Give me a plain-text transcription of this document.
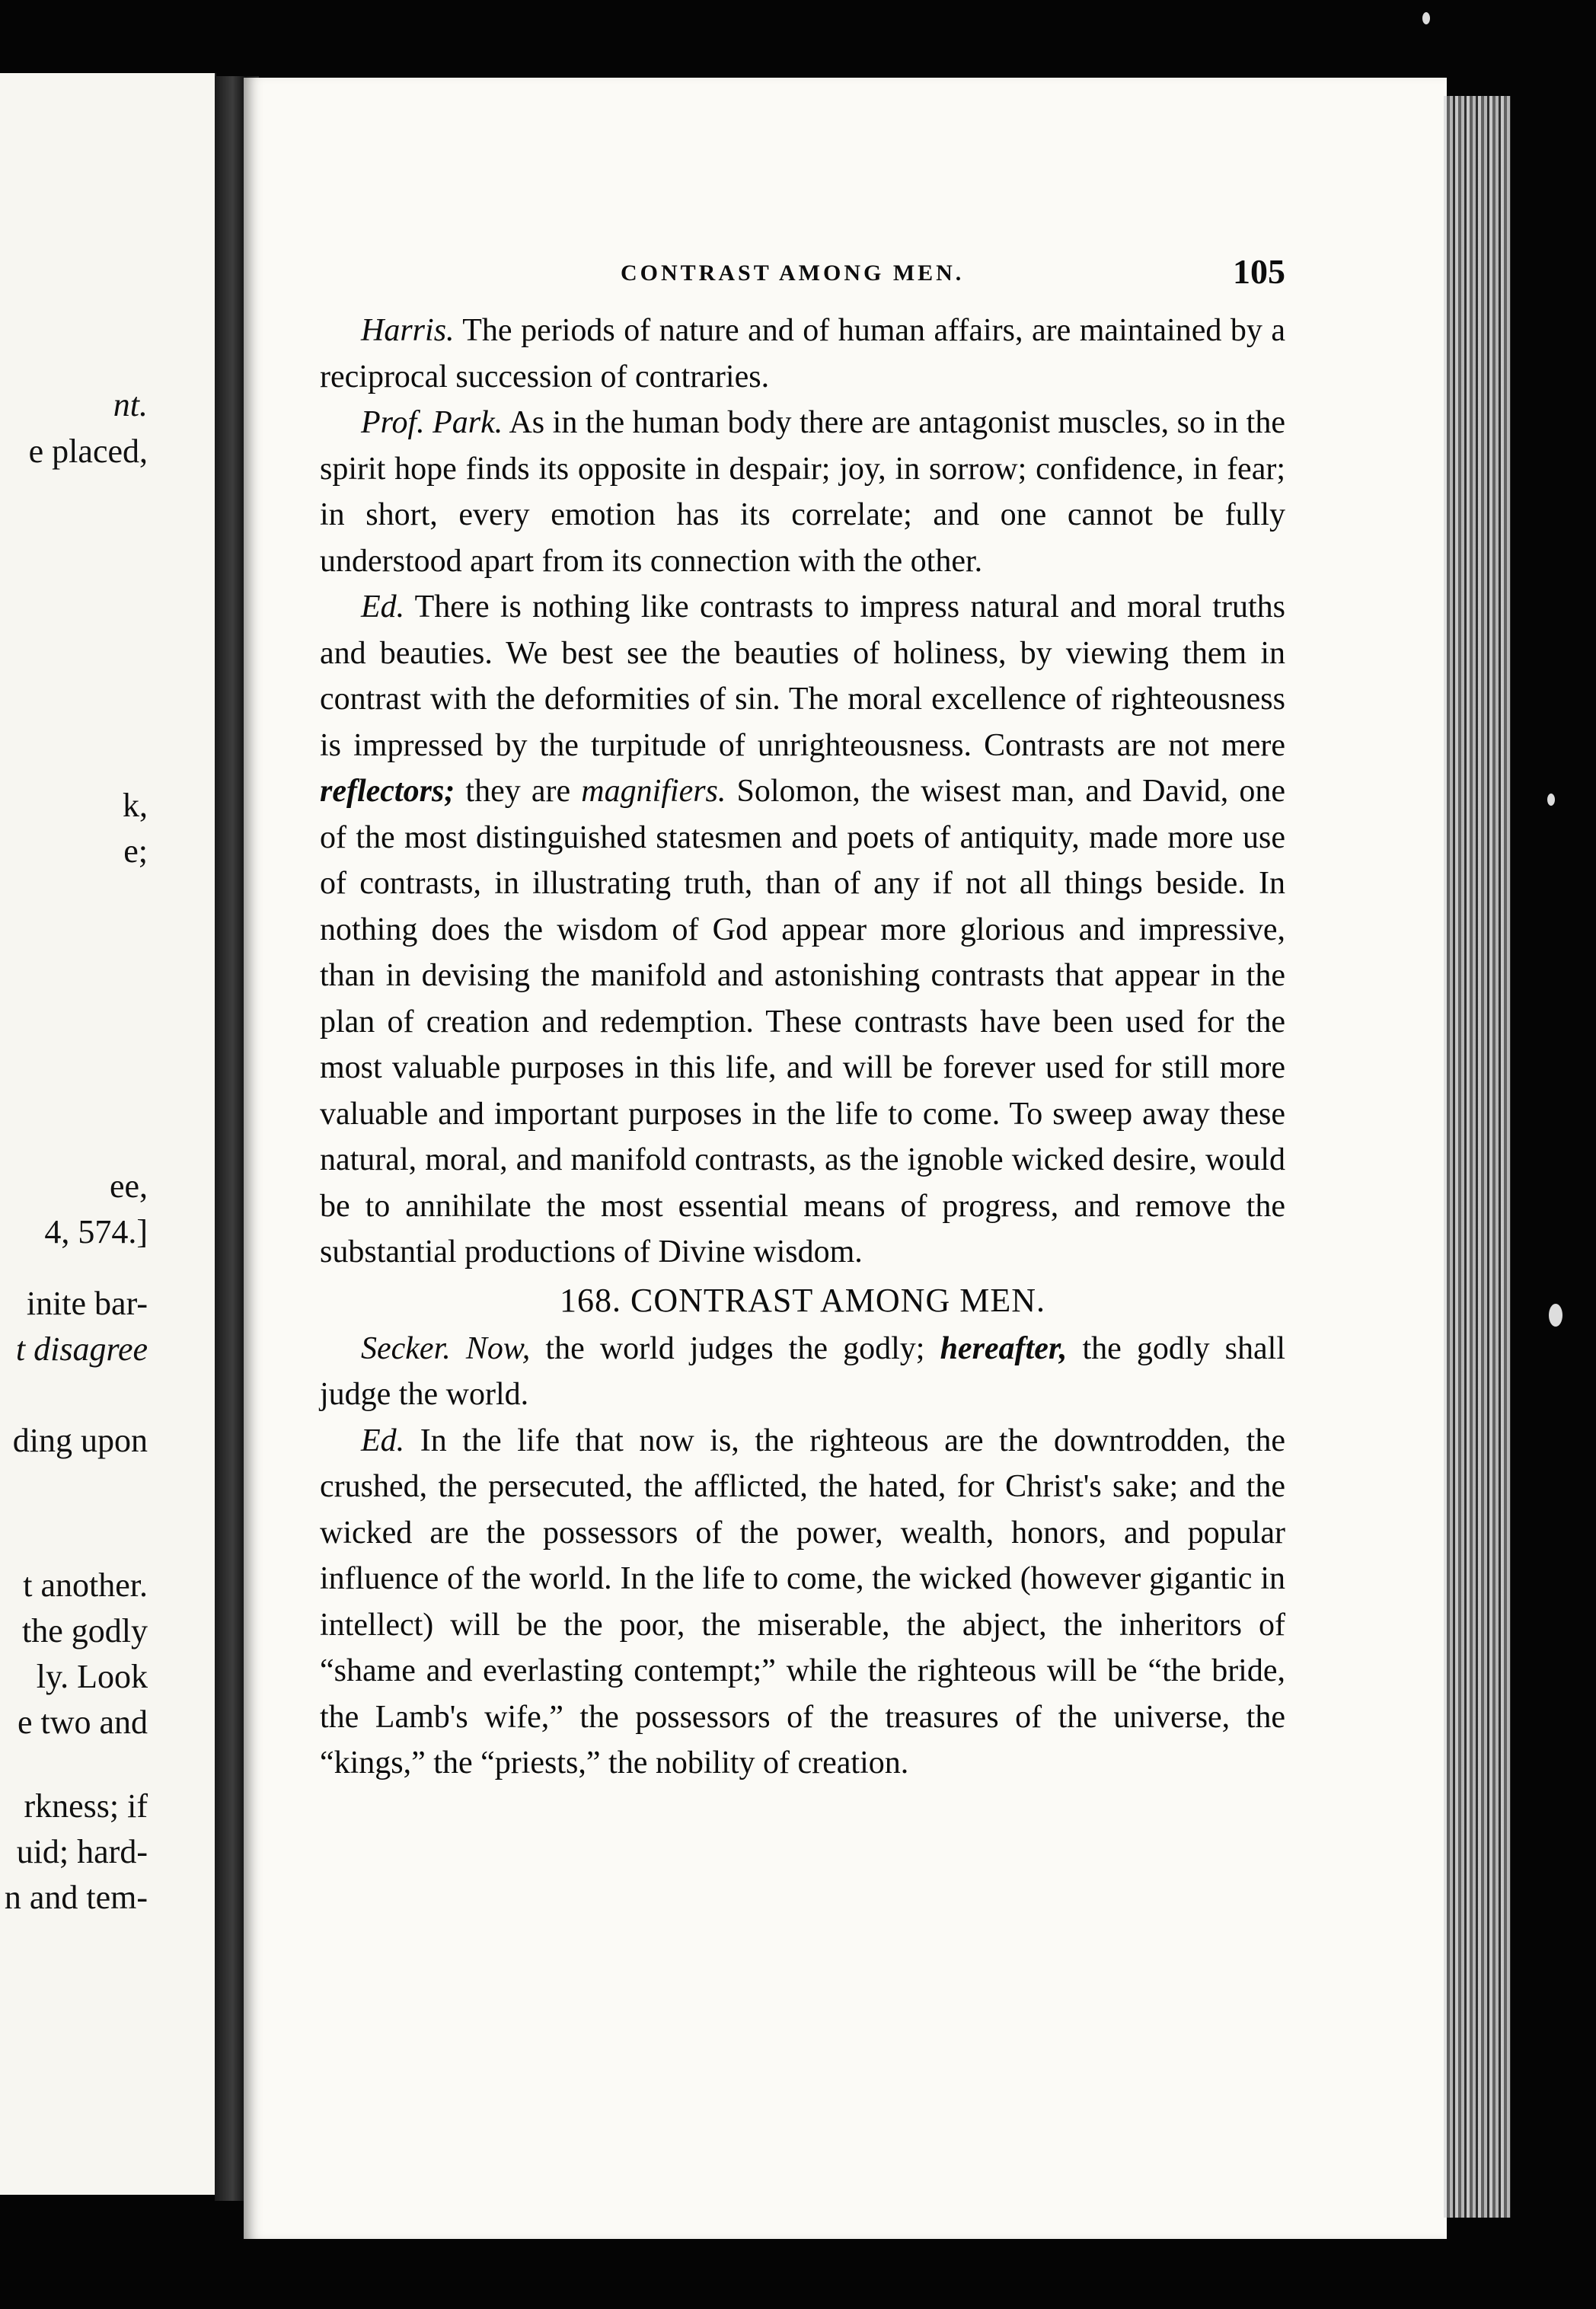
nt.
e placed,
k,
e;
ee,
4, 574.]
inite bar-
t disagree
ding upon
t another.
the godly
ly. Look
e two and
rkness; if
uid; hard-
n and tem-
CONTRAST AMONG MEN.	105

Harris. The periods of nature and of human affairs, are maintained by a reciprocal succession of contraries.

Prof. Park. As in the human body there are antagonist muscles, so in the spirit hope finds its opposite in despair; joy, in sorrow; confidence, in fear; in short, every emotion has its correlate; and one cannot be fully understood apart from its connection with the other.

Ed. There is nothing like contrasts to impress natural and moral truths and beauties. We best see the beauties of holiness, by viewing them in contrast with the deformities of sin. The moral excellence of righteousness is impressed by the turpitude of unrighteousness. Contrasts are not mere reflectors; they are magnifiers. Solomon, the wisest man, and David, one of the most distinguished statesmen and poets of antiquity, made more use of contrasts, in illustrating truth, than of any if not all things beside. In nothing does the wisdom of God appear more glorious and impressive, than in devising the manifold and astonishing contrasts that appear in the plan of creation and redemption. These contrasts have been used for the most valuable purposes in this life, and will be forever used for still more valuable and important purposes in the life to come. To sweep away these natural, moral, and manifold contrasts, as the ignoble wicked desire, would be to annihilate the most essential means of progress, and remove the substantial productions of Divine wisdom.

168. CONTRAST AMONG MEN.

Secker. Now, the world judges the godly; hereafter, the godly shall judge the world.

Ed. In the life that now is, the righteous are the downtrodden, the crushed, the persecuted, the afflicted, the hated, for Christ's sake; and the wicked are the possessors of the power, wealth, honors, and popular influence of the world. In the life to come, the wicked (however gigantic in intellect) will be the poor, the miserable, the abject, the inheritors of “shame and everlasting contempt;” while the righteous will be “the bride, the Lamb's wife,” the possessors of the treasures of the universe, the “kings,” the “priests,” the nobility of creation.
